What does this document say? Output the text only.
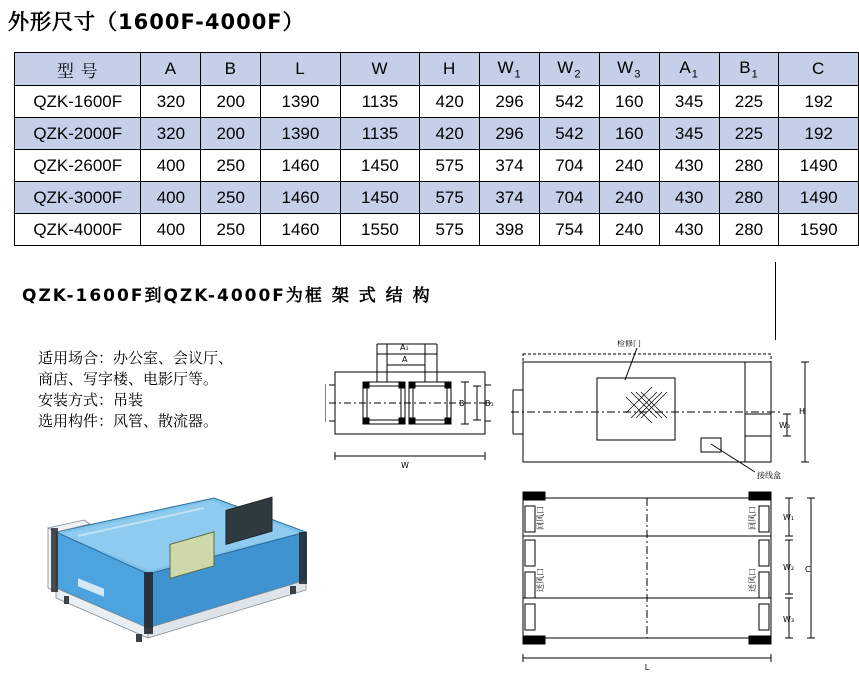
外形尺寸（1600F-4000F）
型 号	A	B	L	W	H	$W_1$	$W_2$	$W_3$	$A_1$	$B_1$	C
QZK-1600F	320	200	1390	1135	420	296	542	160	345	225	192
QZK-2000F	320	200	1390	1135	420	296	542	160	345	225	192
QZK-2600F	400	250	1460	1450	575	374	704	240	430	280	1490
QZK-3000F	400	250	1460	1450	575	374	704	240	430	280	1490
QZK-4000F	400	250	1460	1550	575	398	754	240	430	280	1590
QZK-1600F到QZK-4000F为框 架 式 结 构
适用场合：办公室、会议厅、
商店、写字楼、电影厅等。
安装方式：吊装
选用构件：风管、散流器。
A₁
A
W
B	B₁
检修门
接线盒
H
W₃
L
W₁
W₂
W₃
C
回风口
送风口
回风口
送风口
